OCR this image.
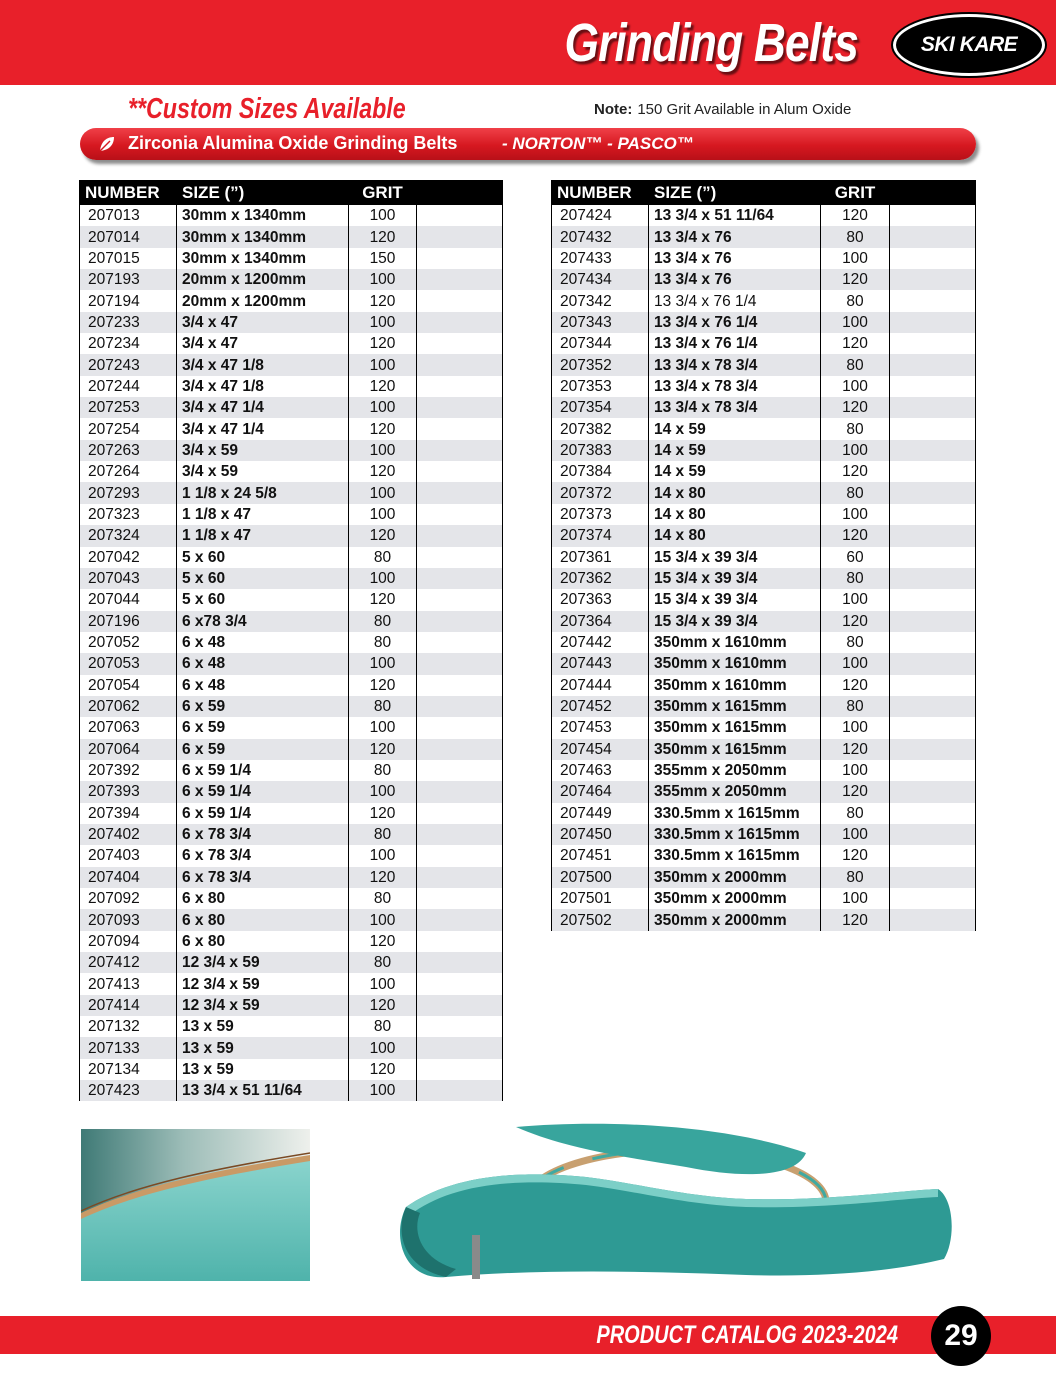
Grinding Belts	SKI KARE
**Custom Sizes Available	Note: 150 Grit Available in Alum Oxide
Zirconia Alumina Oxide Grinding Belts	- NORTON™ - PASCO™
NUMBER	SIZE (”)	GRIT	
207013	30mm x 1340mm	100	
207014	30mm x 1340mm	120	
207015	30mm x 1340mm	150	
207193	20mm x 1200mm	100	
207194	20mm x 1200mm	120	
207233	3/4 x 47	100	
207234	3/4 x 47	120	
207243	3/4 x 47 1/8	100	
207244	3/4 x 47 1/8	120	
207253	3/4 x 47 1/4	100	
207254	3/4 x 47 1/4	120	
207263	3/4 x 59	100	
207264	3/4 x 59	120	
207293	1 1/8 x 24 5/8	100	
207323	1 1/8 x 47	100	
207324	1 1/8 x 47	120	
207042	5 x 60	80	
207043	5 x 60	100	
207044	5 x 60	120	
207196	6 x78 3/4	80	
207052	6 x 48	80	
207053	6 x 48	100	
207054	6 x 48	120	
207062	6 x 59	80	
207063	6 x 59	100	
207064	6 x 59	120	
207392	6 x 59 1/4	80	
207393	6 x 59 1/4	100	
207394	6 x 59 1/4	120	
207402	6 x 78 3/4	80	
207403	6 x 78 3/4	100	
207404	6 x 78 3/4	120	
207092	6 x 80	80	
207093	6 x 80	100	
207094	6 x 80	120	
207412	12 3/4 x 59	80	
207413	12 3/4 x 59	100	
207414	12 3/4 x 59	120	
207132	13 x 59	80	
207133	13 x 59	100	
207134	13 x 59	120	
207423	13 3/4 x 51 11/64	100	
NUMBER	SIZE (”)	GRIT	
207424	13 3/4 x 51 11/64	120	
207432	13 3/4 x 76	80	
207433	13 3/4 x 76	100	
207434	13 3/4 x 76	120	
207342	13 3/4 x 76 1/4	80	
207343	13 3/4 x 76 1/4	100	
207344	13 3/4 x 76 1/4	120	
207352	13 3/4 x 78 3/4	80	
207353	13 3/4 x 78 3/4	100	
207354	13 3/4 x 78 3/4	120	
207382	14 x 59	80	
207383	14 x 59	100	
207384	14 x 59	120	
207372	14 x 80	80	
207373	14 x 80	100	
207374	14 x 80	120	
207361	15 3/4 x 39 3/4	60	
207362	15 3/4 x 39 3/4	80	
207363	15 3/4 x 39 3/4	100	
207364	15 3/4 x 39 3/4	120	
207442	350mm x 1610mm	80	
207443	350mm x 1610mm	100	
207444	350mm x 1610mm	120	
207452	350mm x 1615mm	80	
207453	350mm x 1615mm	100	
207454	350mm x 1615mm	120	
207463	355mm x 2050mm	100	
207464	355mm x 2050mm	120	
207449	330.5mm x 1615mm	80	
207450	330.5mm x 1615mm	100	
207451	330.5mm x 1615mm	120	
207500	350mm x 2000mm	80	
207501	350mm x 2000mm	100	
207502	350mm x 2000mm	120	
PRODUCT CATALOG 2023-2024	29
